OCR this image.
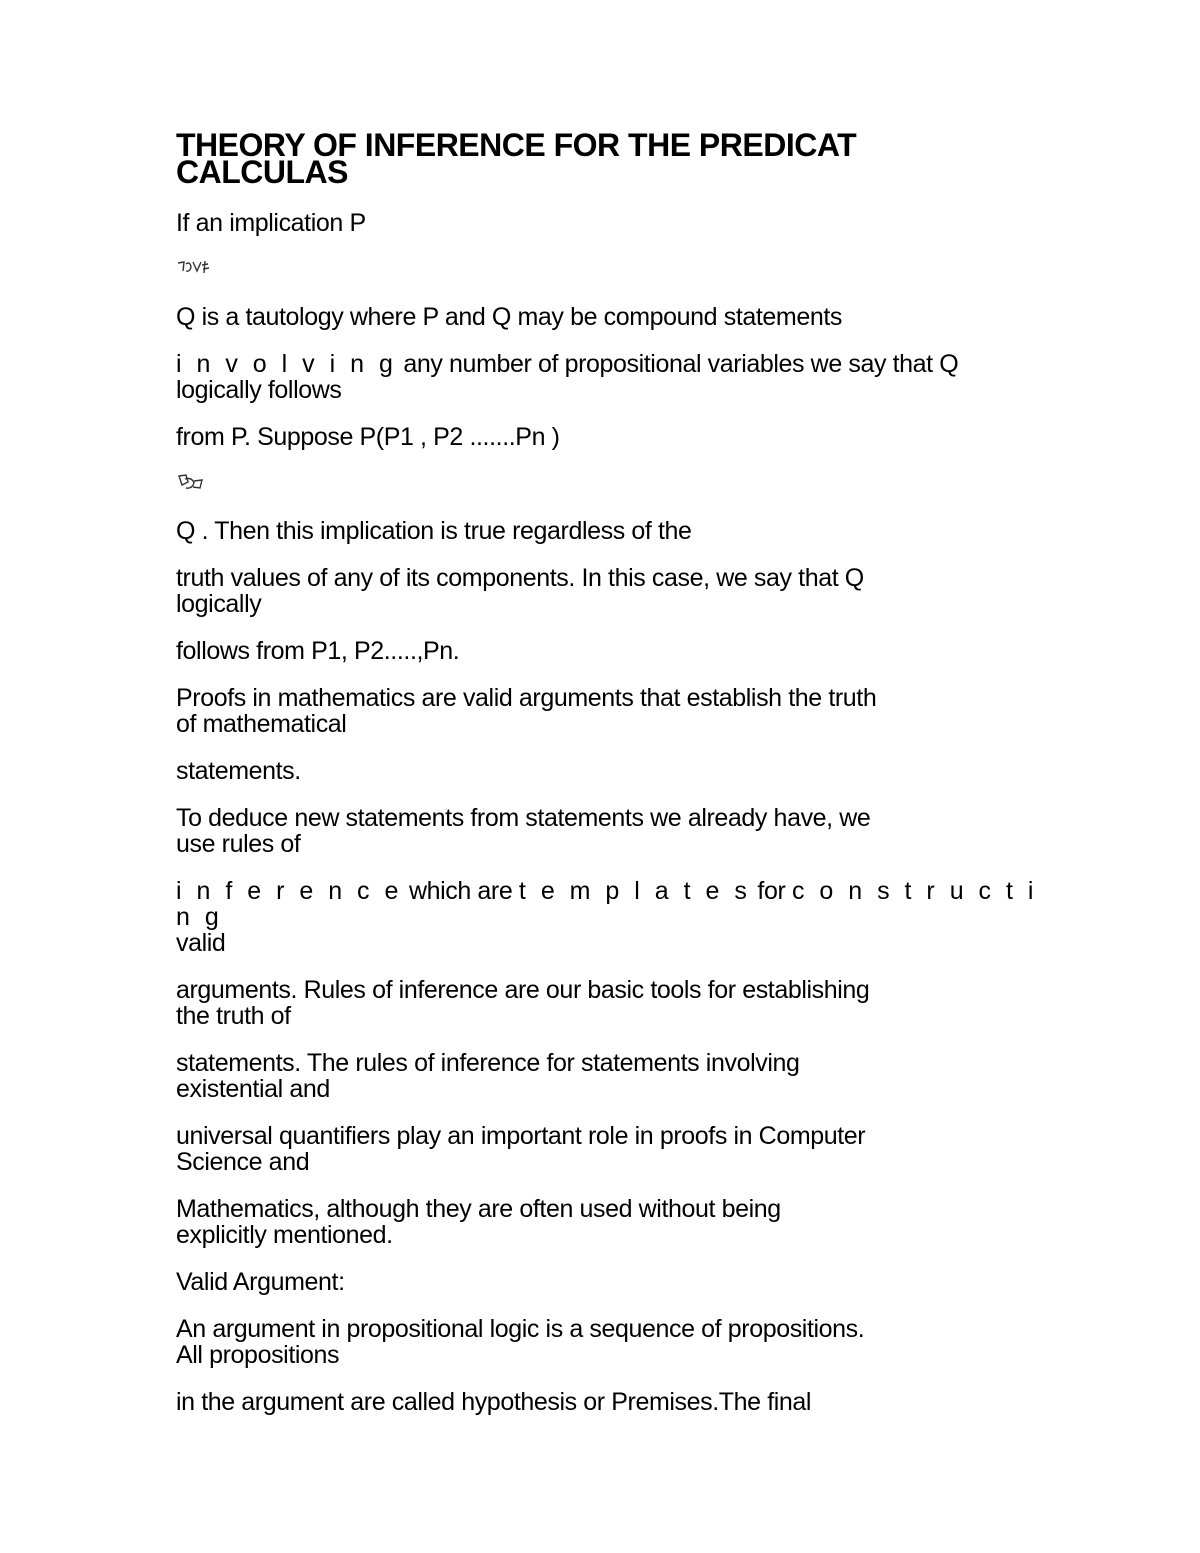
THEORY OF INFERENCE FOR THE PREDICAT
CALCULAS
If an implication P
Q is a tautology where P and Q may be compound statements
i n v o l v i n g any number of propositional variables we say that Q
logically follows
from P. Suppose P(P1 , P2 .......Pn )
Q . Then this implication is true regardless of the
truth values of any of its components. In this case, we say that Q
logically
follows from P1, P2.....,Pn.
Proofs in mathematics are valid arguments that establish the truth
of mathematical
statements.
To deduce new statements from statements we already have, we
use rules of
i n f e r e n c e which are t e m p l a t e s for c o n s t r u c t i n g
valid
arguments. Rules of inference are our basic tools for establishing
the truth of
statements. The rules of inference for statements involving
existential and
universal quantifiers play an important role in proofs in Computer
Science and
Mathematics, although they are often used without being
explicitly mentioned.
Valid Argument:
An argument in propositional logic is a sequence of propositions.
All propositions
in the argument are called hypothesis or Premises.The final
